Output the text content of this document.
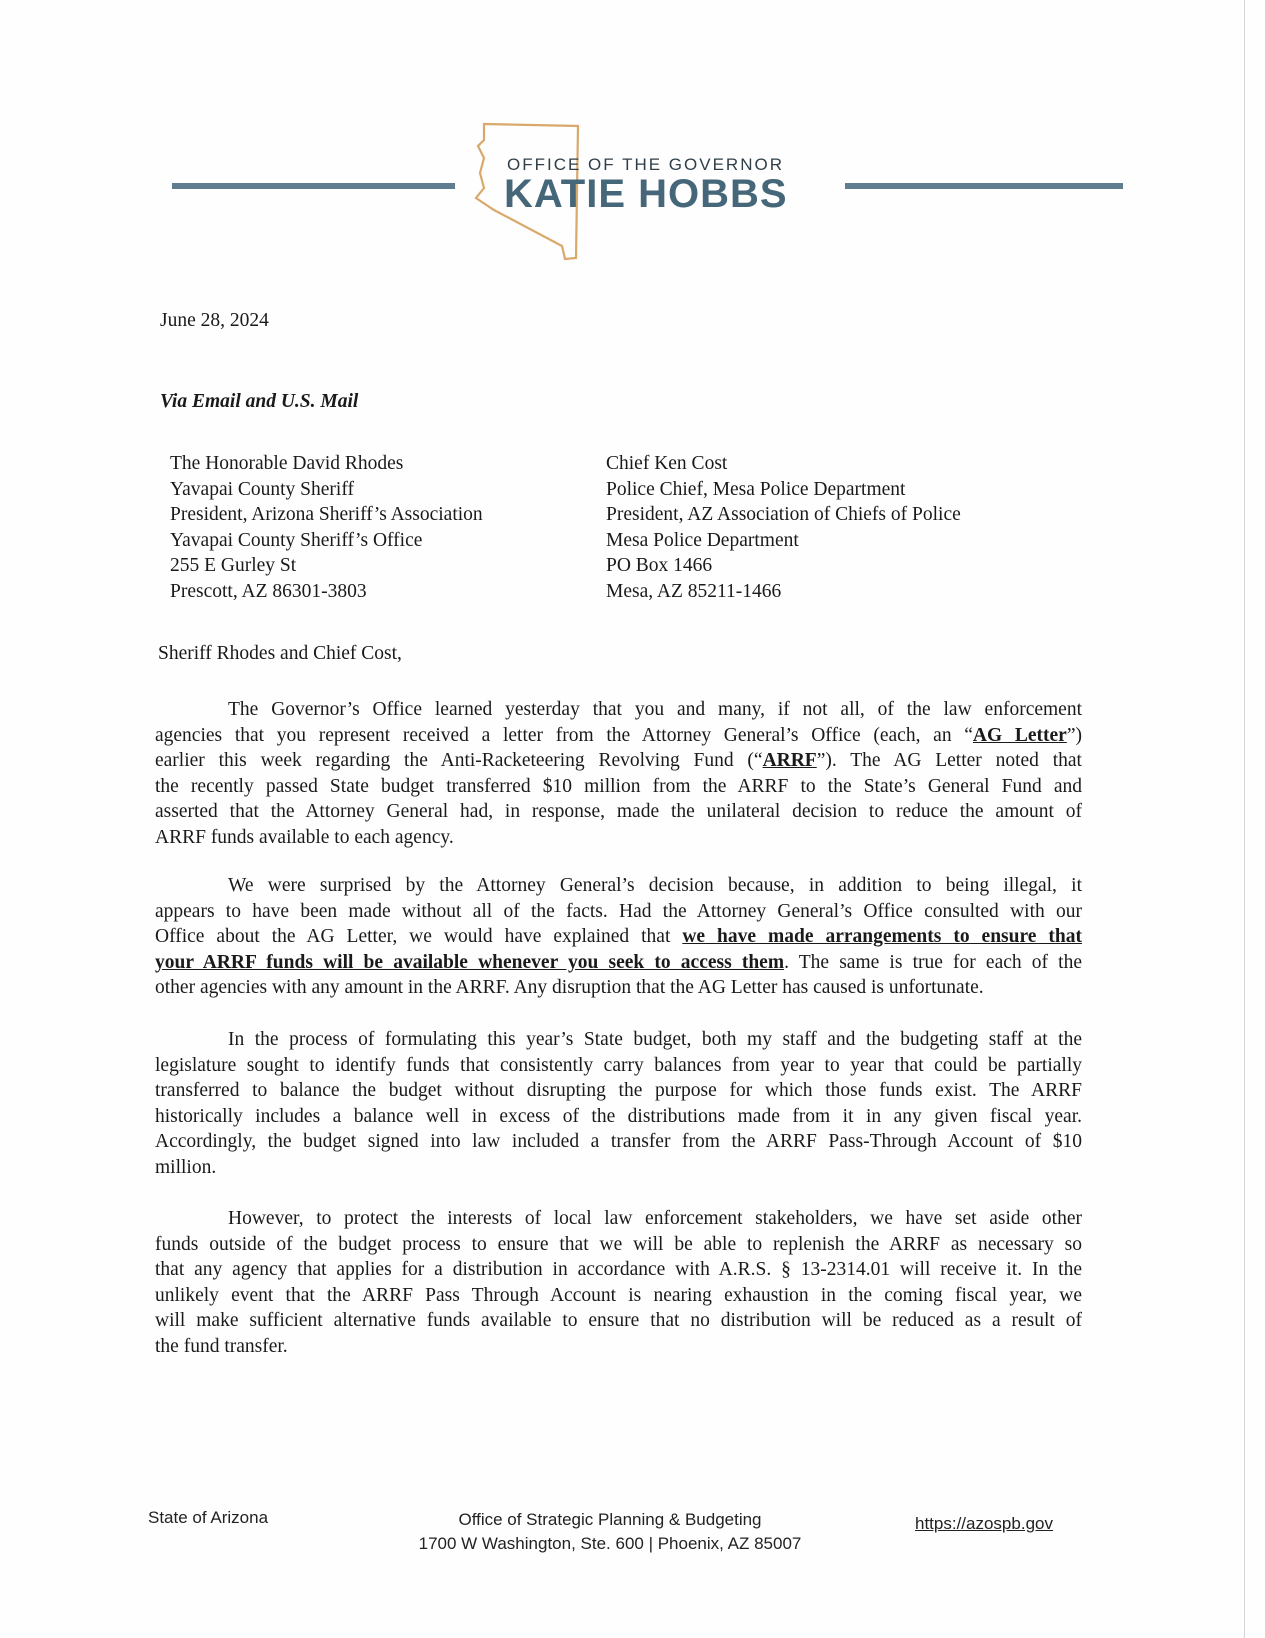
OFFICE OF THE GOVERNOR
KATIE HOBBS
June 28, 2024
Via Email and U.S. Mail
The Honorable David Rhodes
Yavapai County Sheriff
President, Arizona Sheriff’s Association
Yavapai County Sheriff’s Office
255 E Gurley St
Prescott, AZ 86301-3803
Chief Ken Cost
Police Chief, Mesa Police Department
President, AZ Association of Chiefs of Police
Mesa Police Department
PO Box 1466
Mesa, AZ 85211-1466
Sheriff Rhodes and Chief Cost,
The Governor’s Office learned yesterday that you and many, if not all, of the law enforcement
agencies that you represent received a letter from the Attorney General’s Office (each, an “AG Letter”)
earlier this week regarding the Anti-Racketeering Revolving Fund (“ARRF”). The AG Letter noted that
the recently passed State budget transferred $10 million from the ARRF to the State’s General Fund and
asserted that the Attorney General had, in response, made the unilateral decision to reduce the amount of
ARRF funds available to each agency.
We were surprised by the Attorney General’s decision because, in addition to being illegal, it
appears to have been made without all of the facts. Had the Attorney General’s Office consulted with our
Office about the AG Letter, we would have explained that we have made arrangements to ensure that
your ARRF funds will be available whenever you seek to access them. The same is true for each of the
other agencies with any amount in the ARRF. Any disruption that the AG Letter has caused is unfortunate.
In the process of formulating this year’s State budget, both my staff and the budgeting staff at the
legislature sought to identify funds that consistently carry balances from year to year that could be partially
transferred to balance the budget without disrupting the purpose for which those funds exist. The ARRF
historically includes a balance well in excess of the distributions made from it in any given fiscal year.
Accordingly, the budget signed into law included a transfer from the ARRF Pass-Through Account of $10
million.
However, to protect the interests of local law enforcement stakeholders, we have set aside other
funds outside of the budget process to ensure that we will be able to replenish the ARRF as necessary so
that any agency that applies for a distribution in accordance with A.R.S. § 13-2314.01 will receive it. In the
unlikely event that the ARRF Pass Through Account is nearing exhaustion in the coming fiscal year, we
will make sufficient alternative funds available to ensure that no distribution will be reduced as a result of
the fund transfer.
State of Arizona	Office of Strategic Planning & Budgeting
1700 W Washington, Ste. 600 | Phoenix, AZ 85007
https://azospb.gov
